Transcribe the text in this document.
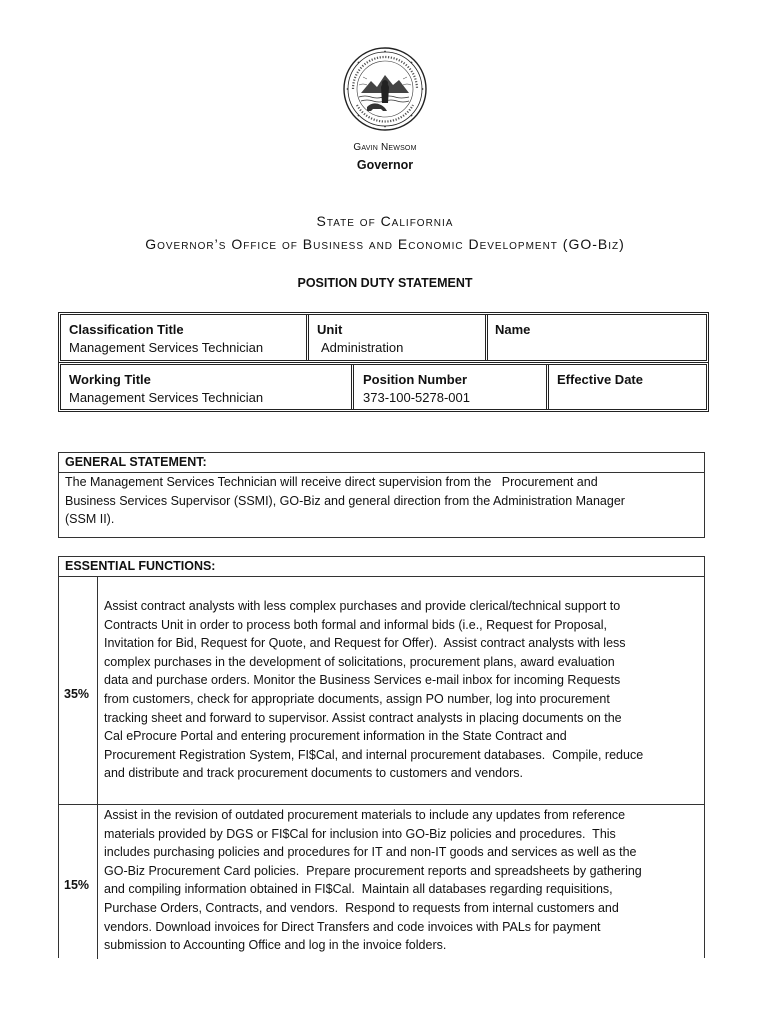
Gavin Newsom
Governor
State of California
Governor’s Office of Business and Economic Development (GO-Biz)
POSITION DUTY STATEMENT
Classification Title
Management Services Technician
Unit
Administration
Name
Working Title
Management Services Technician
Position Number
373-100-5278-001
Effective Date
GENERAL STATEMENT:
The Management Services Technician will receive direct supervision from the   Procurement and
Business Services Supervisor (SSMI), GO-Biz and general direction from the Administration Manager
(SSM II).
ESSENTIAL FUNCTIONS:
35%
Assist contract analysts with less complex purchases and provide clerical/technical support to
Contracts Unit in order to process both formal and informal bids (i.e., Request for Proposal,
Invitation for Bid, Request for Quote, and Request for Offer).  Assist contract analysts with less
complex purchases in the development of solicitations, procurement plans, award evaluation
data and purchase orders. Monitor the Business Services e-mail inbox for incoming Requests
from customers, check for appropriate documents, assign PO number, log into procurement
tracking sheet and forward to supervisor. Assist contract analysts in placing documents on the
Cal eProcure Portal and entering procurement information in the State Contract and
Procurement Registration System, FI$Cal, and internal procurement databases.  Compile, reduce
and distribute and track procurement documents to customers and vendors.
15%
Assist in the revision of outdated procurement materials to include any updates from reference
materials provided by DGS or FI$Cal for inclusion into GO-Biz policies and procedures.  This
includes purchasing policies and procedures for IT and non-IT goods and services as well as the
GO-Biz Procurement Card policies.  Prepare procurement reports and spreadsheets by gathering
and compiling information obtained in FI$Cal.  Maintain all databases regarding requisitions,
Purchase Orders, Contracts, and vendors.  Respond to requests from internal customers and
vendors. Download invoices for Direct Transfers and code invoices with PALs for payment
submission to Accounting Office and log in the invoice folders.
